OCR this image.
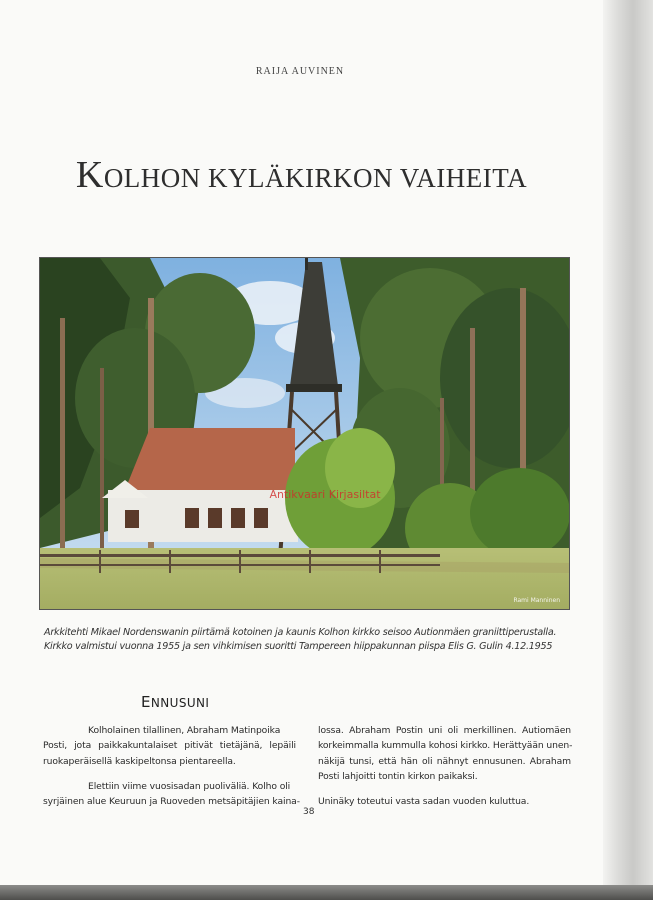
RAIJA AUVINEN
KOLHON KYLÄKIRKON VAIHEITA
Antikvaari Kirjasiltat
Rami Manninen
Arkkitehti Mikael Nordenswanin piirtämä kotoinen ja kaunis Kolhon kirkko seisoo Autionmäen graniittiperustalla.
Kirkko valmistui vuonna 1955 ja sen vihkimisen suoritti Tampereen hiippakunnan piispa Elis G. Gulin 4.12.1955
ENNUSUNI
Kolholainen tilallinen, Abraham Matinpoika
Posti, jota paikkakuntalaiset pitivät tietäjänä, lepäili
ruokaperäisellä kaskipeltonsa pientareella.
Elettiin viime vuosisadan puoliväliä. Kolho oli
syrjäinen alue Keuruun ja Ruoveden metsäpitäjien kaina-
lossa. Abraham Postin uni oli merkillinen. Autiomäen
korkeimmalla kummulla kohosi kirkko. Herättyään unen-
näkijä tunsi, että hän oli nähnyt ennusunen. Abraham
Posti lahjoitti tontin kirkon paikaksi.
Uninäky toteutui vasta sadan vuoden kuluttua.
38
